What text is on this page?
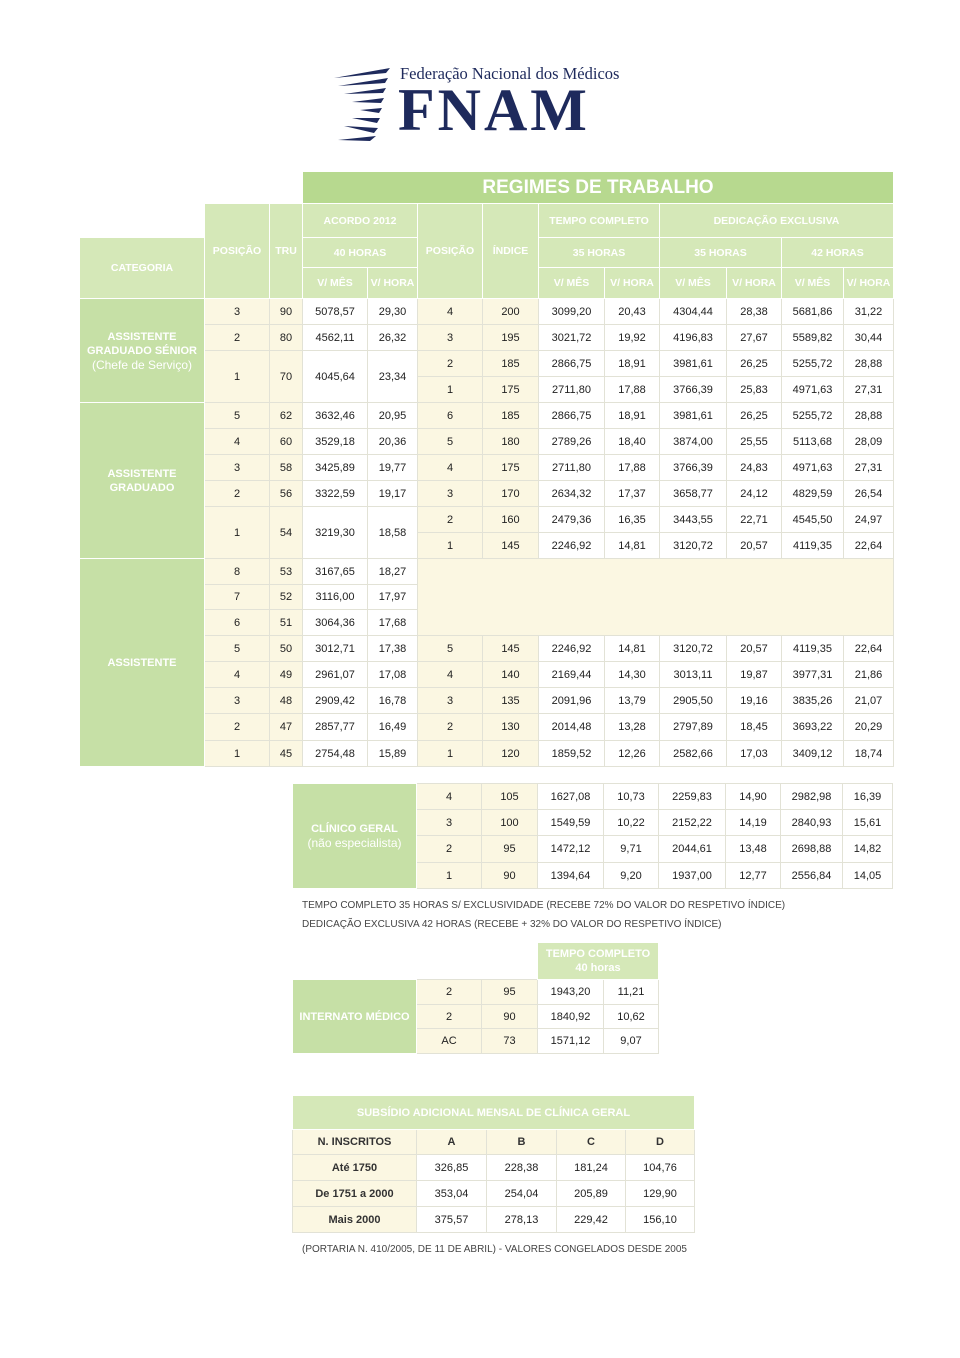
Federação Nacional dos Médicos
FNAM
			REGIMES DE TRABALHO									
	POSIÇÃO	TRU	ACORDO 2012		POSIÇÃO	ÍNDICE	TEMPO COMPLETO		DEDICAÇÃO EXCLUSIVA			
CATEGORIA			40 HORAS				35 HORAS		35 HORAS		42 HORAS	
			V/ MÊS	V/ HORA			V/ MÊS	V/ HORA	V/ MÊS	V/ HORA	V/ MÊS	V/ HORA

ASSISTENTE
GRADUADO SÉNIOR
(Chefe de Serviço)	3	90	5078,57	29,30	4	200	3099,20	20,43	4304,44	28,38	5681,86	31,22
	2	80	4562,11	26,32	3	195	3021,72	19,92	4196,83	27,67	5589,82	30,44
	1	70	4045,64	23,34	2	185	2866,75	18,91	3981,61	26,25	5255,72	28,88
					1	175	2711,80	17,88	3766,39	25,83	4971,63	27,31

ASSISTENTE
GRADUADO	5	62	3632,46	20,95	6	185	2866,75	18,91	3981,61	26,25	5255,72	28,88
	4	60	3529,18	20,36	5	180	2789,26	18,40	3874,00	25,55	5113,68	28,09
	3	58	3425,89	19,77	4	175	2711,80	17,88	3766,39	24,83	4971,63	27,31
	2	56	3322,59	19,17	3	170	2634,32	17,37	3658,77	24,12	4829,59	26,54
	1	54	3219,30	18,58	2	160	2479,36	16,35	3443,55	22,71	4545,50	24,97
					1	145	2246,92	14,81	3120,72	20,57	4119,35	22,64
ASSISTENTE	8	53	3167,65	18,27								
	7	52	3116,00	17,97								
	6	51	3064,36	17,68								
	5	50	3012,71	17,38	5	145	2246,92	14,81	3120,72	20,57	4119,35	22,64
	4	49	2961,07	17,08	4	140	2169,44	14,30	3013,11	19,87	3977,31	21,86
	3	48	2909,42	16,78	3	135	2091,96	13,79	2905,50	19,16	3835,26	21,07
	2	47	2857,77	16,49	2	130	2014,48	13,28	2797,89	18,45	3693,22	20,29
	1	45	2754,48	15,89	1	120	1859,52	12,26	2582,66	17,03	3409,12	18,74
CLÍNICO GERAL
(não especialista)	4	105	1627,08	10,73	2259,83	14,90	2982,98	16,39
	3	100	1549,59	10,22	2152,22	14,19	2840,93	15,61
	2	95	1472,12	9,71	2044,61	13,48	2698,88	14,82
	1	90	1394,64	9,20	1937,00	12,77	2556,84	14,05
TEMPO COMPLETO 35 HORAS S/ EXCLUSIVIDADE (RECEBE 72% DO VALOR DO RESPETIVO ÍNDICE)
DEDICAÇÃO EXCLUSIVA 42 HORAS (RECEBE + 32% DO VALOR DO RESPETIVO ÍNDICE)

			TEMPO COMPLETO
40 horas	

INTERNATO MÉDICO	2	95	1943,20	11,21
	2	90	1840,92	10,62
	AC	73	1571,12	9,07
SUBSÍDIO ADICIONAL MENSAL DE CLÍNICA GERAL				
N. INSCRITOS	A	B	C	D
Até 1750	326,85	228,38	181,24	104,76
De 1751 a 2000	353,04	254,04	205,89	129,90
Mais 2000	375,57	278,13	229,42	156,10
(PORTARIA N. 410/2005, DE 11 DE ABRIL) - VALORES CONGELADOS DESDE 2005
